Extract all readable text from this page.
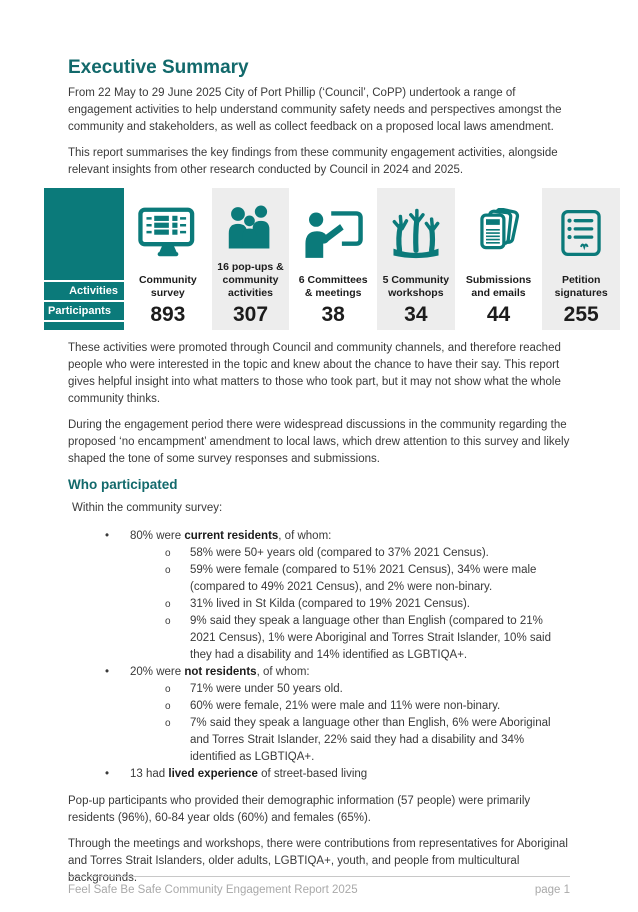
Executive Summary

From 22 May to 29 June 2025 City of Port Phillip (‘Council’, CoPP) undertook a range of engagement activities to help understand community safety needs and perspectives amongst the community and stakeholders, as well as collect feedback on a proposed local laws amendment.

This report summarises the key findings from these community engagement activities, alongside relevant insights from other research conducted by Council in 2024 and 2025.

Activities
Participants
Community survey
893
16 pop-ups & community activities
307
6 Committees & meetings
38
5 Community workshops
34
Submissions and emails
44
Petition signatures
255

These activities were promoted through Council and community channels, and therefore reached people who were interested in the topic and knew about the chance to have their say. This report gives helpful insight into what matters to those who took part, but it may not show what the whole community thinks.

During the engagement period there were widespread discussions in the community regarding the proposed ‘no encampment’ amendment to local laws, which drew attention to this survey and likely shaped the tone of some survey responses and submissions.

Who participated

Within the community survey:

• 80% were current residents, of whom:
o 58% were 50+ years old (compared to 37% 2021 Census).
o 59% were female (compared to 51% 2021 Census), 34% were male (compared to 49% 2021 Census), and 2% were non-binary.
o 31% lived in St Kilda (compared to 19% 2021 Census).
o 9% said they speak a language other than English (compared to 21% 2021 Census), 1% were Aboriginal and Torres Strait Islander, 10% said they had a disability and 14% identified as LGBTIQA+.
• 20% were not residents, of whom:
o 71% were under 50 years old.
o 60% were female, 21% were male and 11% were non-binary.
o 7% said they speak a language other than English, 6% were Aboriginal and Torres Strait Islander, 22% said they had a disability and 34% identified as LGBTIQA+.
• 13 had lived experience of street-based living

Pop-up participants who provided their demographic information (57 people) were primarily residents (96%), 60-84 year olds (60%) and females (65%).

Through the meetings and workshops, there were contributions from representatives for Aboriginal and Torres Strait Islanders, older adults, LGBTIQA+, youth, and people from multicultural backgrounds.

Feel Safe Be Safe Community Engagement Report 2025	page 1
